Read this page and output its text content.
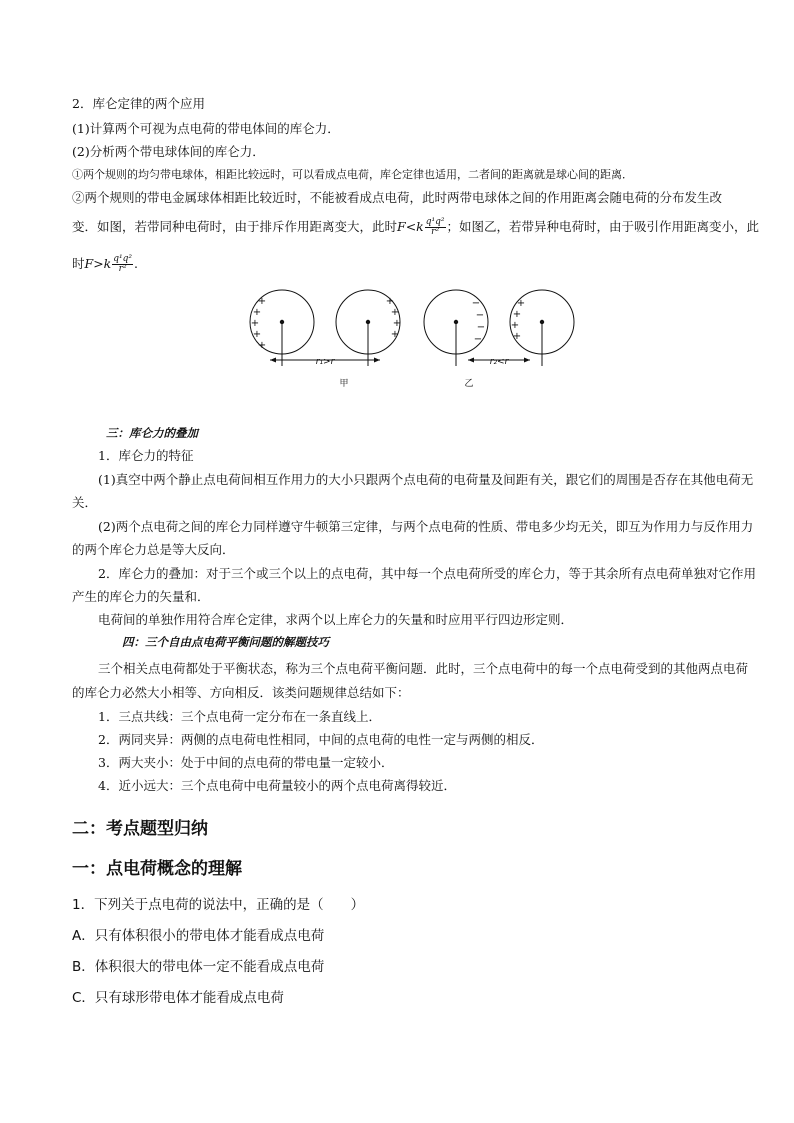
2．库仑定律的两个应用
(1)计算两个可视为点电荷的带电体间的库仑力．
(2)分析两个带电球体间的库仑力．
①两个规则的均匀带电球体，相距比较远时，可以看成点电荷，库仑定律也适用，二者间的距离就是球心间的距离．
②两个规则的带电金属球体相距比较近时，不能被看成点电荷，此时两带电球体之间的作用距离会随电荷的分布发生改
变．如图，若带同种电荷时，由于排斥作用距离变大，此时$F<k \frac{\text{q¹q²}}{\text{r²}}$ ；如图乙，若带异种电荷时，由于吸引作用距离变小，此
时$F>k \frac{\text{q¹q²}}{\text{r²}}$ .
+
+
+
+
+
+
+
+
+
−
−
−
−
+
+
+
+
r₁>r	r₂<r
甲	乙
三：库仑力的叠加
1．库仑力的特征
(1)真空中两个静止点电荷间相互作用力的大小只跟两个点电荷的电荷量及间距有关，跟它们的周围是否存在其他电荷无
关．
(2)两个点电荷之间的库仑力同样遵守牛顿第三定律，与两个点电荷的性质、带电多少均无关，即互为作用力与反作用力
的两个库仑力总是等大反向．
2．库仑力的叠加：对于三个或三个以上的点电荷，其中每一个点电荷所受的库仑力，等于其余所有点电荷单独对它作用
产生的库仑力的矢量和．
电荷间的单独作用符合库仑定律，求两个以上库仑力的矢量和时应用平行四边形定则．
四：三个自由点电荷平衡问题的解题技巧
三个相关点电荷都处于平衡状态，称为三个点电荷平衡问题．此时，三个点电荷中的每一个点电荷受到的其他两点电荷
的库仑力必然大小相等、方向相反．该类问题规律总结如下：
1．三点共线：三个点电荷一定分布在一条直线上．
2．两同夹异：两侧的点电荷电性相同，中间的点电荷的电性一定与两侧的相反．
3．两大夹小：处于中间的点电荷的带电量一定较小．
4．近小远大：三个点电荷中电荷量较小的两个点电荷离得较近．
二：考点题型归纳
一：点电荷概念的理解
1．下列关于点电荷的说法中，正确的是（　　）
A．只有体积很小的带电体才能看成点电荷
B．体积很大的带电体一定不能看成点电荷
C．只有球形带电体才能看成点电荷
